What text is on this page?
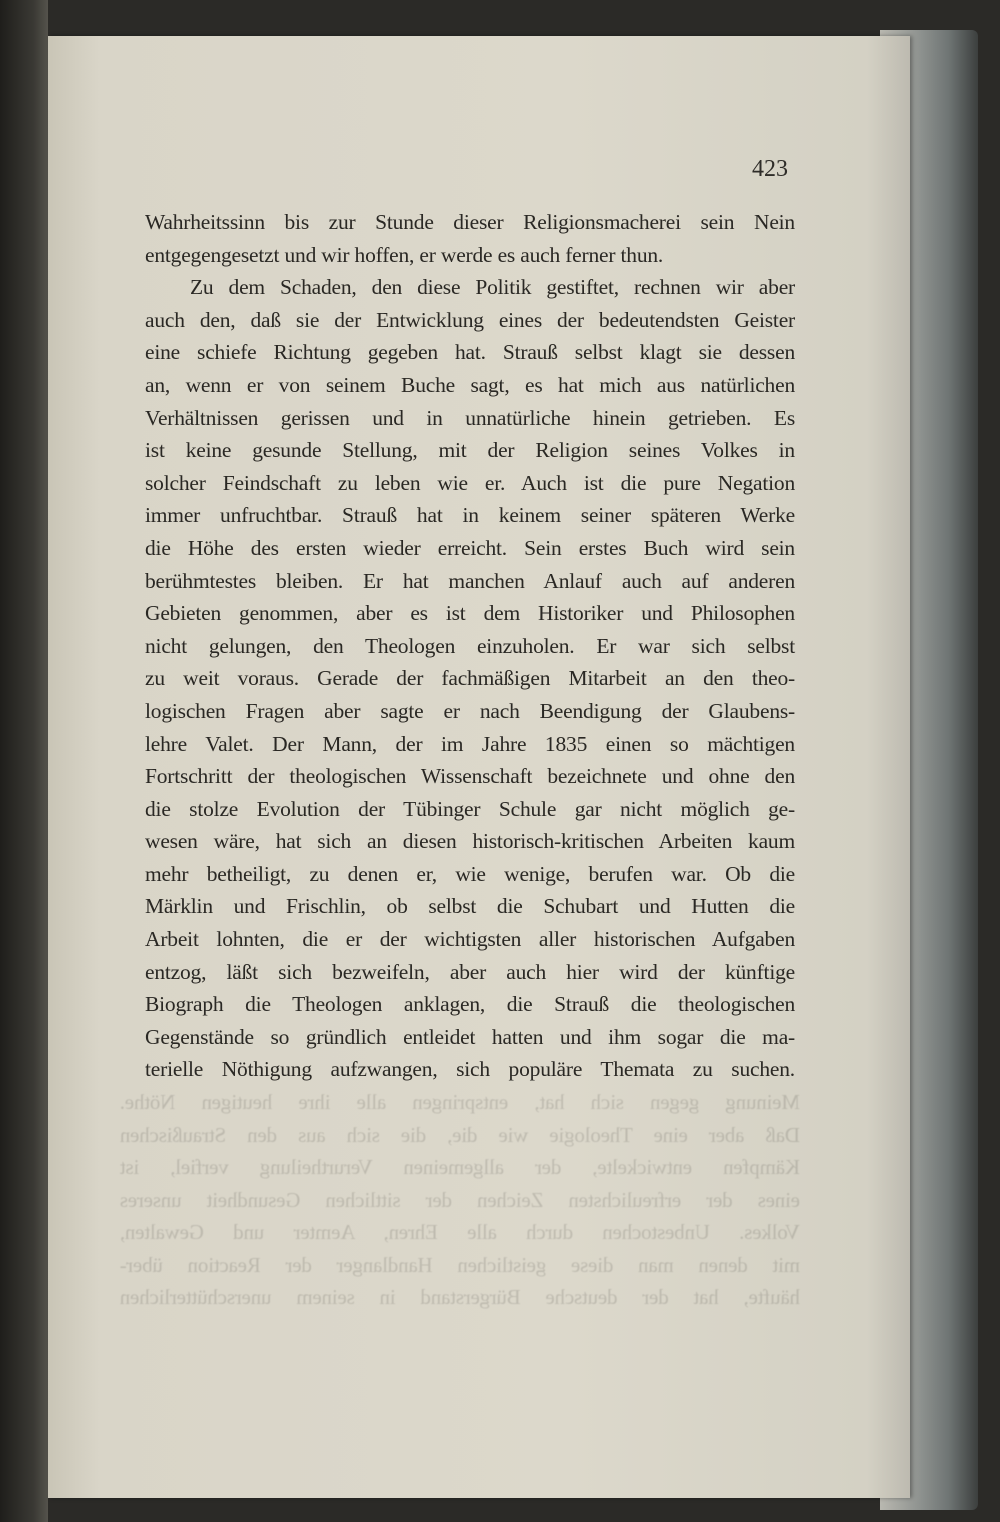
423
Wahrheitssinn bis zur Stunde dieser Religionsmacherei sein Nein
entgegengesetzt und wir hoffen, er werde es auch ferner thun.
Zu dem Schaden, den diese Politik gestiftet, rechnen wir aber
auch den, daß sie der Entwicklung eines der bedeutendsten Geister
eine schiefe Richtung gegeben hat. Strauß selbst klagt sie dessen
an, wenn er von seinem Buche sagt, es hat mich aus natürlichen
Verhältnissen gerissen und in unnatürliche hinein getrieben. Es
ist keine gesunde Stellung, mit der Religion seines Volkes in
solcher Feindschaft zu leben wie er. Auch ist die pure Negation
immer unfruchtbar. Strauß hat in keinem seiner späteren Werke
die Höhe des ersten wieder erreicht. Sein erstes Buch wird sein
berühmtestes bleiben. Er hat manchen Anlauf auch auf anderen
Gebieten genommen, aber es ist dem Historiker und Philosophen
nicht gelungen, den Theologen einzuholen. Er war sich selbst
zu weit voraus. Gerade der fachmäßigen Mitarbeit an den theo-
logischen Fragen aber sagte er nach Beendigung der Glaubens-
lehre Valet. Der Mann, der im Jahre 1835 einen so mächtigen
Fortschritt der theologischen Wissenschaft bezeichnete und ohne den
die stolze Evolution der Tübinger Schule gar nicht möglich ge-
wesen wäre, hat sich an diesen historisch-kritischen Arbeiten kaum
mehr betheiligt, zu denen er, wie wenige, berufen war. Ob die
Märklin und Frischlin, ob selbst die Schubart und Hutten die
Arbeit lohnten, die er der wichtigsten aller historischen Aufgaben
entzog, läßt sich bezweifeln, aber auch hier wird der künftige
Biograph die Theologen anklagen, die Strauß die theologischen
Gegenstände so gründlich entleidet hatten und ihm sogar die ma-
terielle Nöthigung aufzwangen, sich populäre Themata zu suchen.
Meinung gegen sich hat, entspringen alle ihre heutigen Nöthe.
Daß aber eine Theologie wie die, die sich aus den Straußischen
Kämpfen entwickelte, der allgemeinen Verurtheilung verfiel, ist
eines der erfreulichsten Zeichen der sittlichen Gesundheit unseres
Volkes. Unbestochen durch alle Ehren, Aemter und Gewalten,
mit denen man diese geistlichen Handlanger der Reaction über-
häufte, hat der deutsche Bürgerstand in seinem unerschütterlichen
